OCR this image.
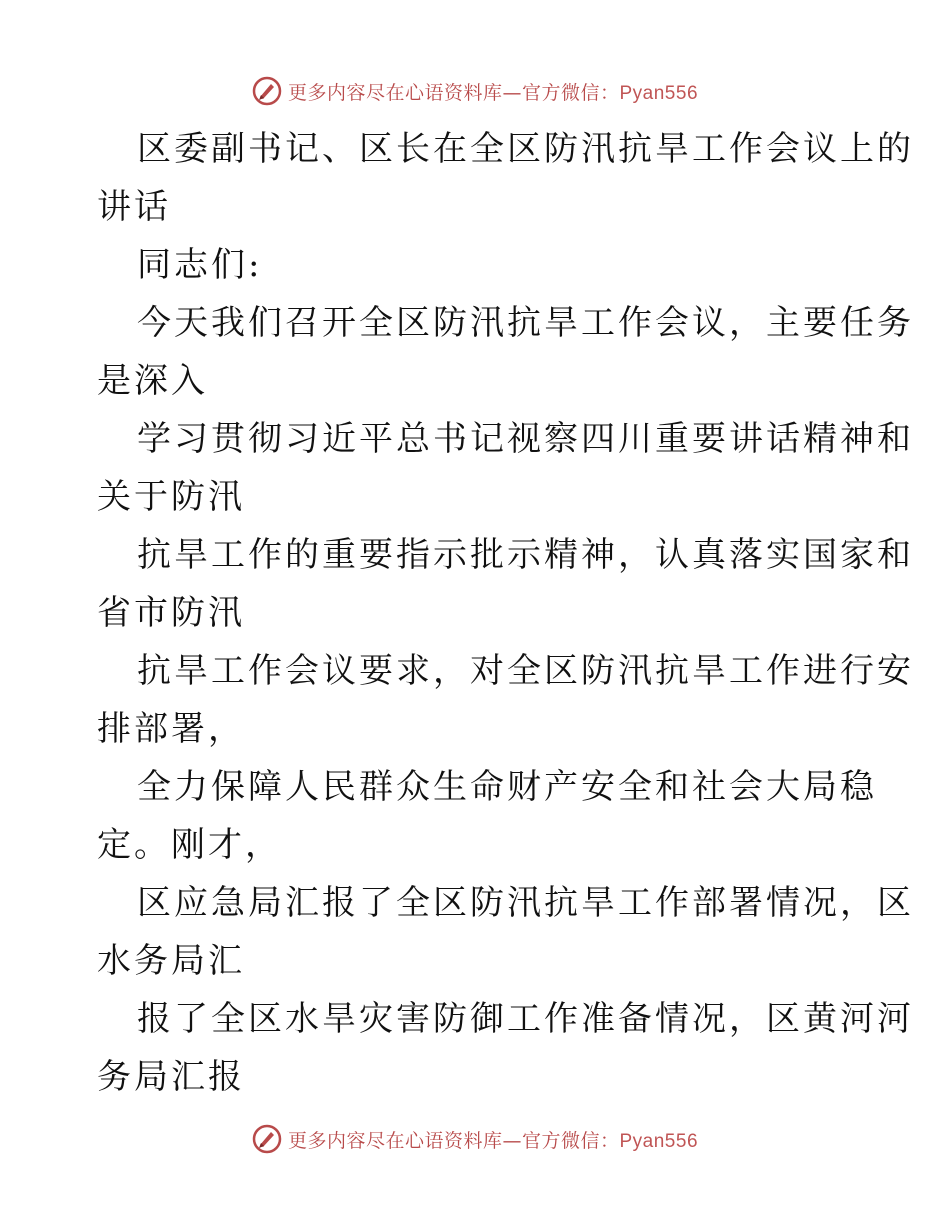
更多内容尽在心语资料库—官方微信：Pyan556
区委副书记、区长在全区防汛抗旱工作会议上的
讲话
同志们:
今天我们召开全区防汛抗旱工作会议，主要任务
是深入
学习贯彻习近平总书记视察四川重要讲话精神和
关于防汛
抗旱工作的重要指示批示精神，认真落实国家和
省市防汛
抗旱工作会议要求，对全区防汛抗旱工作进行安
排部署，
全力保障人民群众生命财产安全和社会大局稳
定。刚才，
区应急局汇报了全区防汛抗旱工作部署情况，区
水务局汇
报了全区水旱灾害防御工作准备情况，区黄河河
务局汇报
更多内容尽在心语资料库—官方微信：Pyan556
